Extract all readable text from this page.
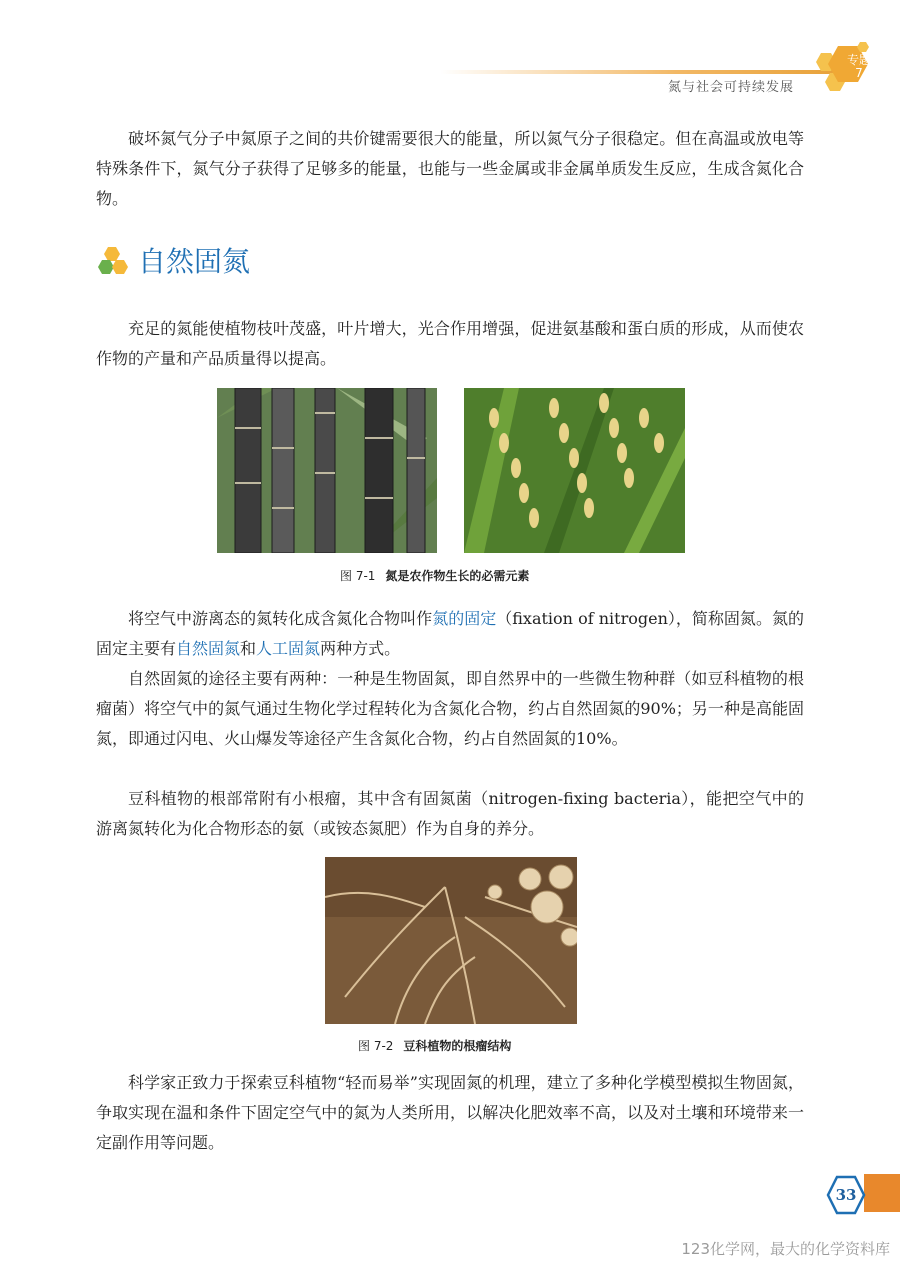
氮与社会可持续发展
专题
7

破坏氮气分子中氮原子之间的共价键需要很大的能量，所以氮气分子很稳定。但在高温或放电等特殊条件下，氮气分子获得了足够多的能量，也能与一些金属或非金属单质发生反应，生成含氮化合物。

自然固氮

充足的氮能使植物枝叶茂盛，叶片增大，光合作用增强，促进氨基酸和蛋白质的形成，从而使农作物的产量和产品质量得以提高。

图 7-1 氮是农作物生长的必需元素

将空气中游离态的氮转化成含氮化合物叫作氮的固定（fixation of nitrogen），简称固氮。氮的固定主要有自然固氮和人工固氮两种方式。

自然固氮的途径主要有两种：一种是生物固氮，即自然界中的一些微生物种群（如豆科植物的根瘤菌）将空气中的氮气通过生物化学过程转化为含氮化合物，约占自然固氮的90%；另一种是高能固氮，即通过闪电、火山爆发等途径产生含氮化合物，约占自然固氮的10%。

豆科植物的根部常附有小根瘤，其中含有固氮菌（nitrogen-fixing bacteria），能把空气中的游离氮转化为化合物形态的氨（或铵态氮肥）作为自身的养分。

图 7-2 豆科植物的根瘤结构

科学家正致力于探索豆科植物“轻而易举”实现固氮的机理，建立了多种化学模型模拟生物固氮，争取实现在温和条件下固定空气中的氮为人类所用，以解决化肥效率不高，以及对土壤和环境带来一定副作用等问题。

33
123化学网，最大的化学资料库
